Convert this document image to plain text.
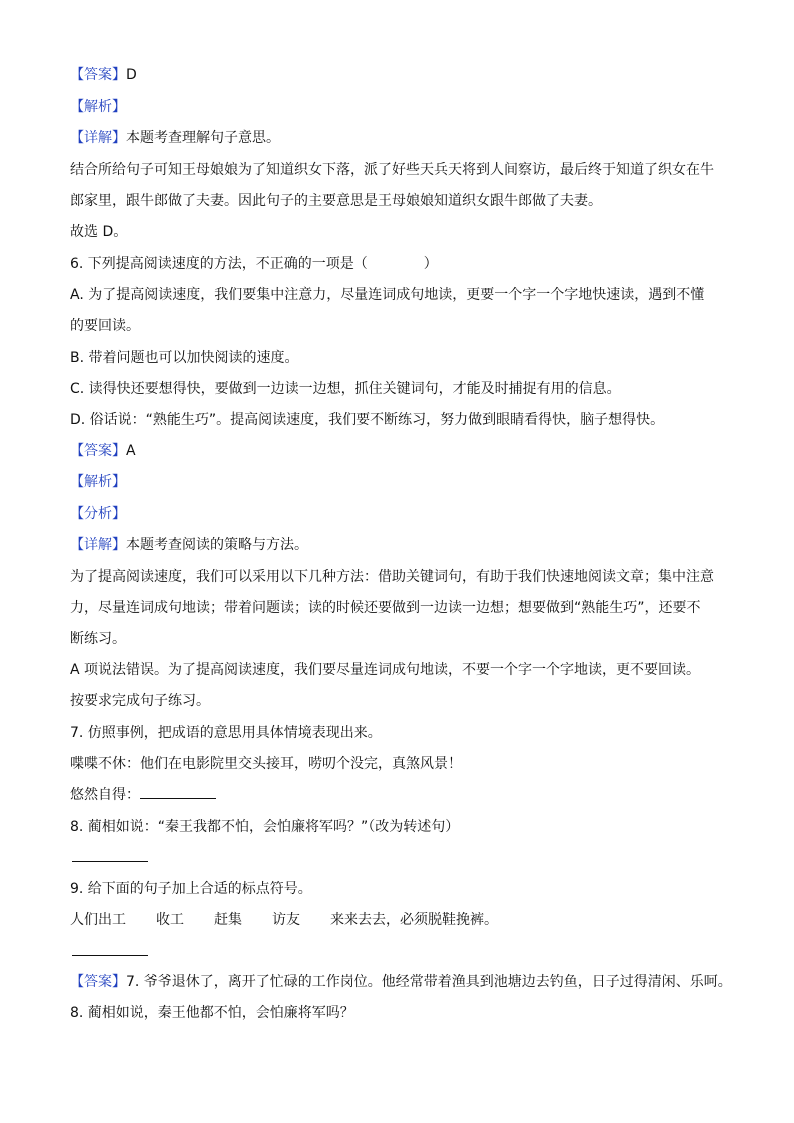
【答案】D
【解析】
【详解】本题考查理解句子意思。
结合所给句子可知王母娘娘为了知道织女下落，派了好些天兵天将到人间察访，最后终于知道了织女在牛
郎家里，跟牛郎做了夫妻。因此句子的主要意思是王母娘娘知道织女跟牛郎做了夫妻。
故选 D。
6. 下列提高阅读速度的方法，不正确的一项是（　　　　）
A. 为了提高阅读速度，我们要集中注意力，尽量连词成句地读，更要一个字一个字地快速读，遇到不懂
的要回读。
B. 带着问题也可以加快阅读的速度。
C. 读得快还要想得快，要做到一边读一边想，抓住关键词句，才能及时捕捉有用的信息。
D. 俗话说：“熟能生巧”。提高阅读速度，我们要不断练习，努力做到眼睛看得快，脑子想得快。
【答案】A
【解析】
【分析】
【详解】本题考查阅读的策略与方法。
为了提高阅读速度，我们可以采用以下几种方法：借助关键词句，有助于我们快速地阅读文章；集中注意
力，尽量连词成句地读；带着问题读；读的时候还要做到一边读一边想；想要做到“熟能生巧”，还要不
断练习。
A 项说法错误。为了提高阅读速度，我们要尽量连词成句地读，不要一个字一个字地读，更不要回读。
按要求完成句子练习。
7. 仿照事例，把成语的意思用具体情境表现出来。
喋喋不休：他们在电影院里交头接耳，唠叨个没完，真煞风景！
悠然自得：
8. 蔺相如说：“秦王我都不怕，会怕廉将军吗？”（改为转述句）
9. 给下面的句子加上合适的标点符号。
人们出工 收工 赶集 访友 来来去去，必须脱鞋挽裤。
【答案】7. 爷爷退休了，离开了忙碌的工作岗位。他经常带着渔具到池塘边去钓鱼，日子过得清闲、乐呵。
8. 蔺相如说，秦王他都不怕，会怕廉将军吗？
